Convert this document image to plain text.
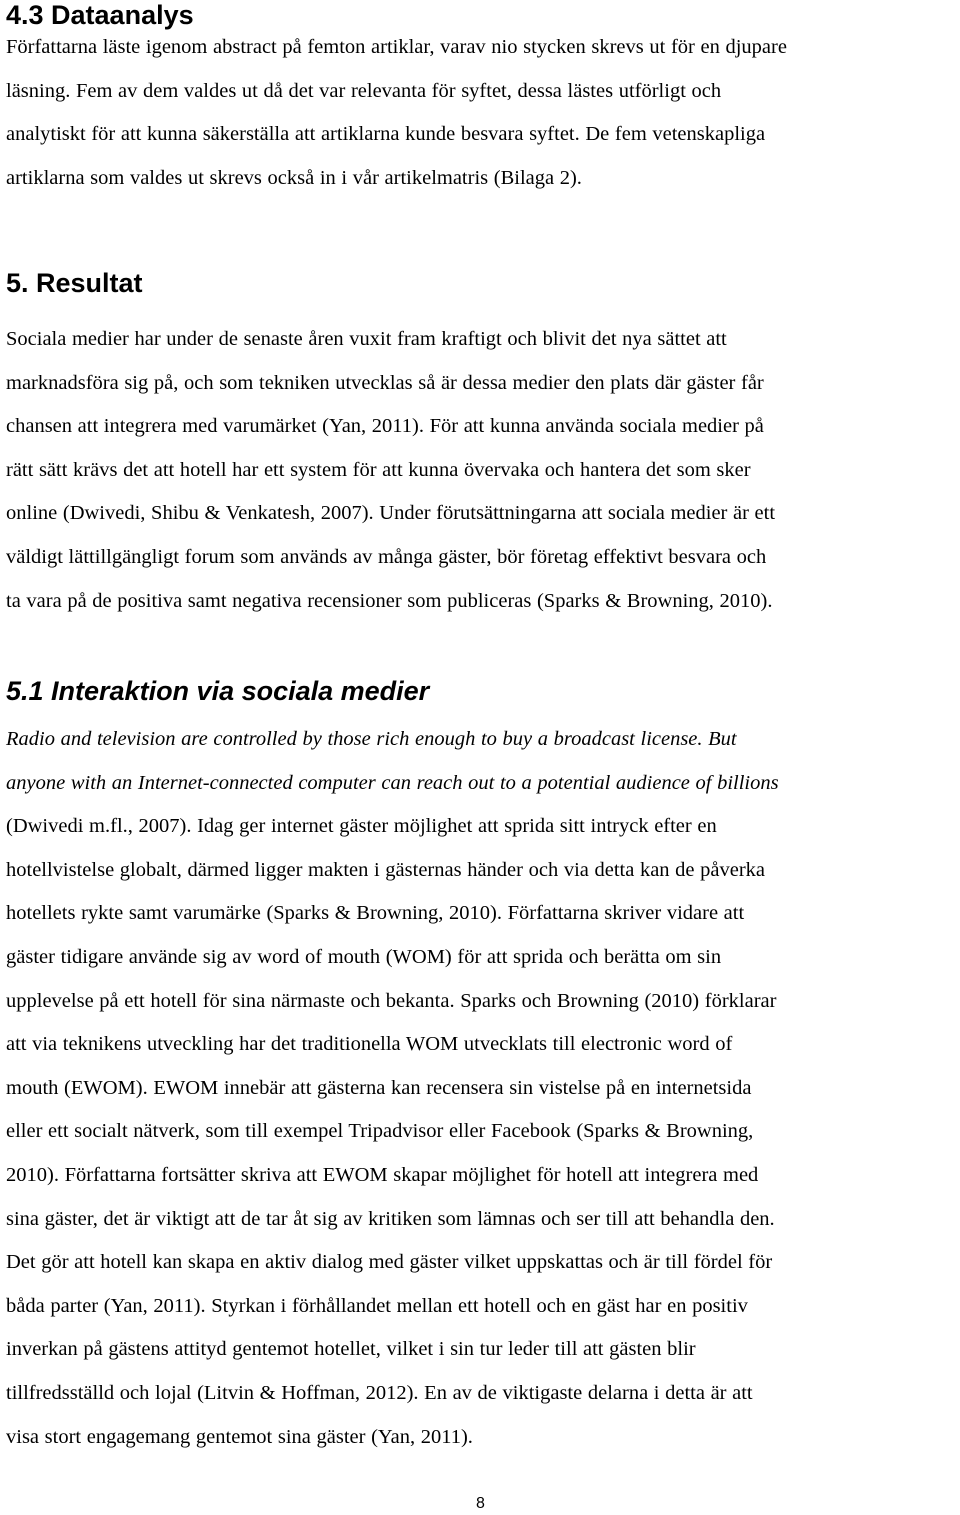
4.3 Dataanalys
Författarna läste igenom abstract på femton artiklar, varav nio stycken skrevs ut för en djupare
läsning. Fem av dem valdes ut då det var relevanta för syftet, dessa lästes utförligt och
analytiskt för att kunna säkerställa att artiklarna kunde besvara syftet. De fem vetenskapliga
artiklarna som valdes ut skrevs också in i vår artikelmatris (Bilaga 2).
5. Resultat
Sociala medier har under de senaste åren vuxit fram kraftigt och blivit det nya sättet att
marknadsföra sig på, och som tekniken utvecklas så är dessa medier den plats där gäster får
chansen att integrera med varumärket (Yan, 2011). För att kunna använda sociala medier på
rätt sätt krävs det att hotell har ett system för att kunna övervaka och hantera det som sker
online (Dwivedi, Shibu & Venkatesh, 2007). Under förutsättningarna att sociala medier är ett
väldigt lättillgängligt forum som används av många gäster, bör företag effektivt besvara och
ta vara på de positiva samt negativa recensioner som publiceras (Sparks & Browning, 2010).
5.1 Interaktion via sociala medier
Radio and television are controlled by those rich enough to buy a broadcast license. But
anyone with an Internet-connected computer can reach out to a potential audience of billions
(Dwivedi m.fl., 2007). Idag ger internet gäster möjlighet att sprida sitt intryck efter en
hotellvistelse globalt, därmed ligger makten i gästernas händer och via detta kan de påverka
hotellets rykte samt varumärke (Sparks & Browning, 2010). Författarna skriver vidare att
gäster tidigare använde sig av word of mouth (WOM) för att sprida och berätta om sin
upplevelse på ett hotell för sina närmaste och bekanta. Sparks och Browning (2010) förklarar
att via teknikens utveckling har det traditionella WOM utvecklats till electronic word of
mouth (EWOM). EWOM innebär att gästerna kan recensera sin vistelse på en internetsida
eller ett socialt nätverk, som till exempel Tripadvisor eller Facebook (Sparks & Browning,
2010). Författarna fortsätter skriva att EWOM skapar möjlighet för hotell att integrera med
sina gäster, det är viktigt att de tar åt sig av kritiken som lämnas och ser till att behandla den.
Det gör att hotell kan skapa en aktiv dialog med gäster vilket uppskattas och är till fördel för
båda parter (Yan, 2011). Styrkan i förhållandet mellan ett hotell och en gäst har en positiv
inverkan på gästens attityd gentemot hotellet, vilket i sin tur leder till att gästen blir
tillfredsställd och lojal (Litvin & Hoffman, 2012). En av de viktigaste delarna i detta är att
visa stort engagemang gentemot sina gäster (Yan, 2011).
8
